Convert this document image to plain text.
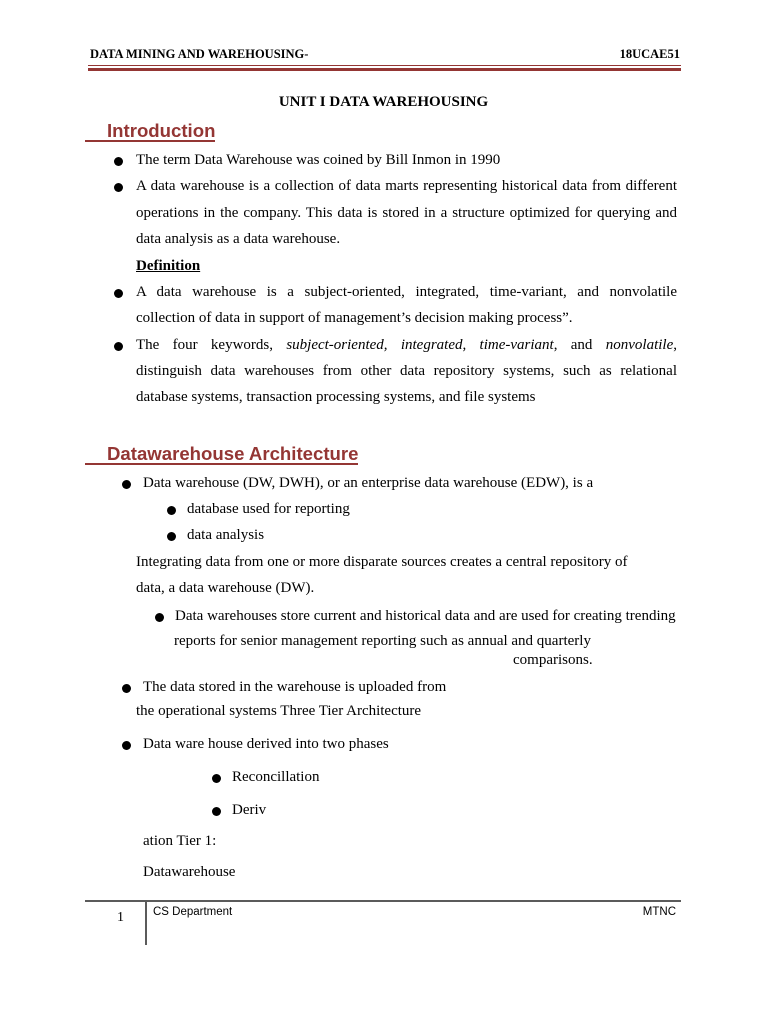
DATA MINING AND WAREHOUSING-	18UCAE51
UNIT I DATA WAREHOUSING
Introduction
The term Data Warehouse was coined by Bill Inmon in 1990
A data warehouse is a collection of data marts representing historical data from different
operations in the company. This data is stored in a structure optimized for querying and
data analysis as a data warehouse.
Definition
A data warehouse is a subject-oriented, integrated, time-variant, and nonvolatile
collection of data in support of management’s decision making process”.
The four keywords, subject-oriented, integrated, time-variant, and nonvolatile,
distinguish data warehouses from other data repository systems, such as relational
database systems, transaction processing systems, and file systems
Datawarehouse Architecture
Data warehouse (DW, DWH), or an enterprise data warehouse (EDW), is a
database used for reporting
data analysis
Integrating data from one or more disparate sources creates a central repository of
data, a data warehouse (DW).
Data warehouses store current and historical data and are used for creating trending
reports for senior management reporting such as annual and quarterly
comparisons.
The data stored in the warehouse is uploaded from
the operational systems Three Tier Architecture
Data ware house derived into two phases
Reconcillation
Deriv
ation Tier 1:
Datawarehouse
1	CS Department	MTNC
